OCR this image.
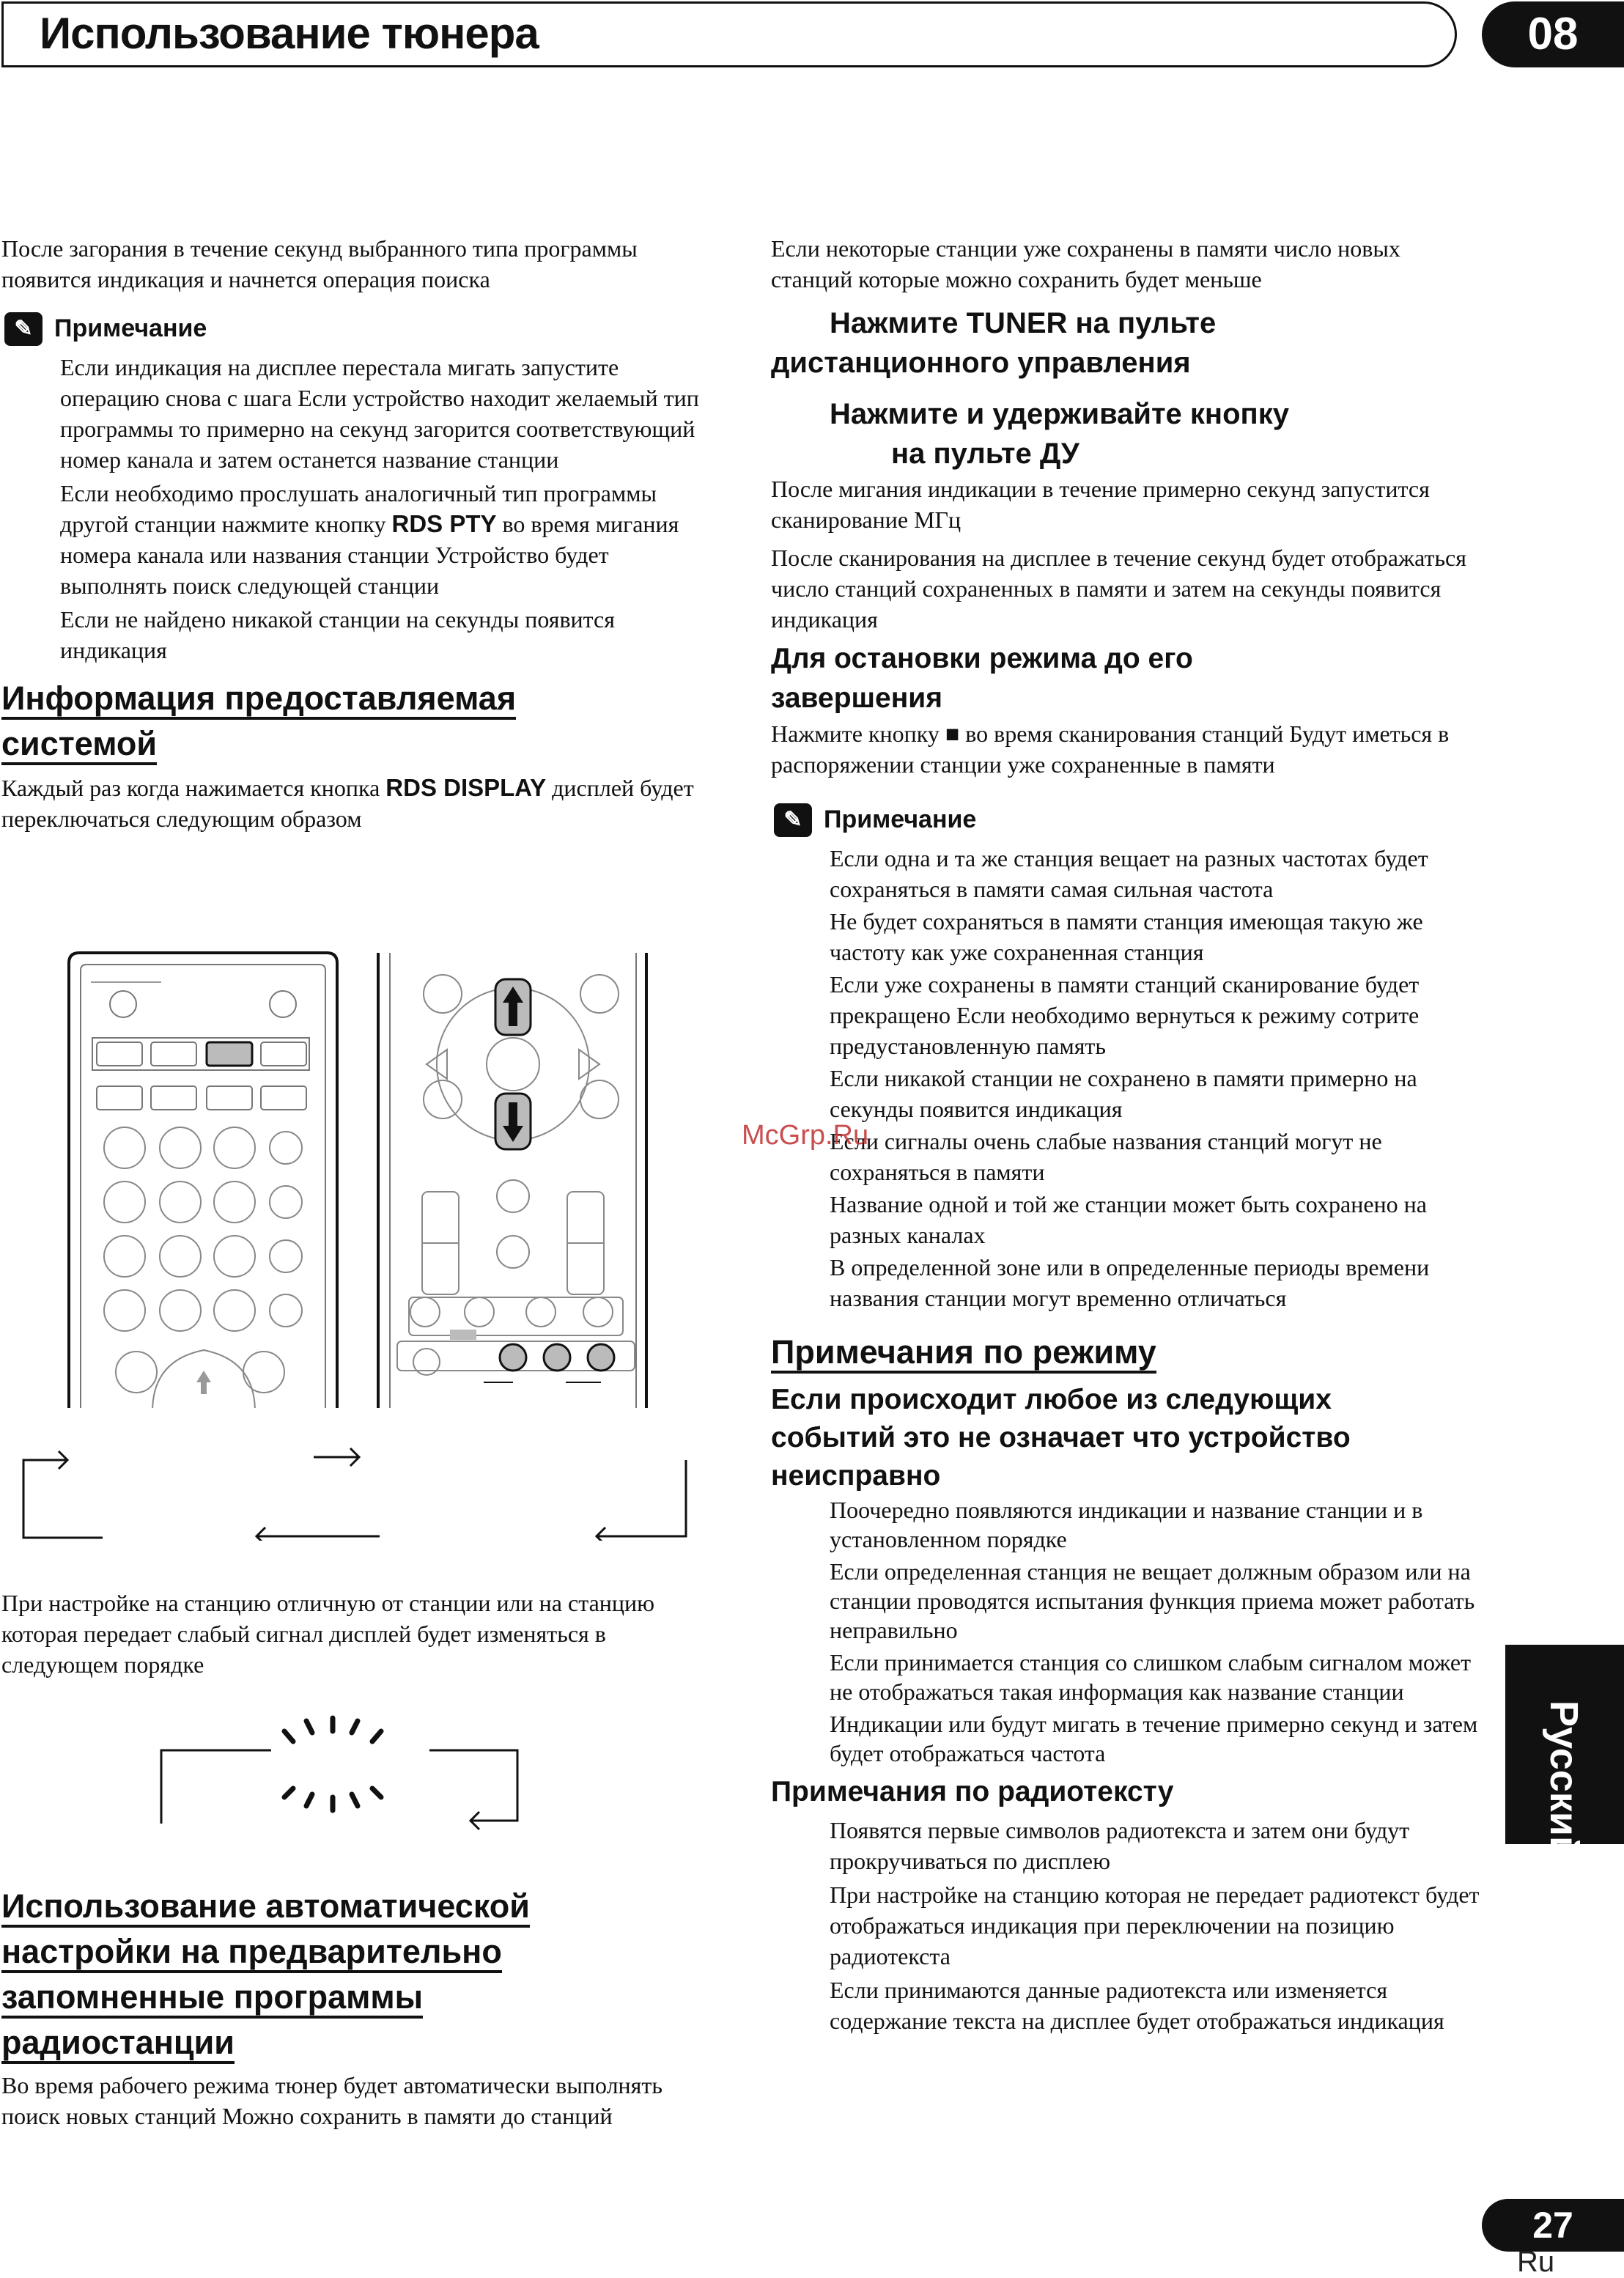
Использование тюнера	08

После загорания в течение секунд выбранного типа программы появится индикация и начнется операция поиска

✎ Примечание

Если индикация на дисплее перестала мигать запустите операцию снова с шага Если устройство находит желаемый тип программы то примерно на секунд загорится соответствующий номер канала и затем останется название станции

Если необходимо прослушать аналогичный тип программы другой станции нажмите кнопку RDS PTY во время мигания номера канала или названия станции Устройство будет выполнять поиск следующей станции

Если не найдено никакой станции на секунды появится индикация

Информация предоставляемая
системой

Каждый раз когда нажимается кнопка RDS DISPLAY дисплей будет переключаться следующим образом

При настройке на станцию отличную от станции или на станцию которая передает слабый сигнал дисплей будет изменяться в следующем порядке

Использование автоматической
настройки на предварительно
запомненные программы
радиостанции

Во время рабочего режима тюнер будет автоматически выполнять поиск новых станций Можно сохранить в памяти до станций

Если некоторые станции уже сохранены в памяти число новых станций которые можно сохранить будет меньше

Нажмите TUNER на пульте
дистанционного управления
Нажмите и удерживайте кнопку
на пульте ДУ

После мигания индикации в течение примерно секунд запустится сканирование МГц

После сканирования на дисплее в течение секунд будет отображаться число станций сохраненных в памяти и затем на секунды появится индикация

Для остановки режима до его
завершения

Нажмите кнопку ■ во время сканирования станций Будут иметься в распоряжении станции уже сохраненные в памяти

✎ Примечание

Если одна и та же станция вещает на разных частотах будет сохраняться в памяти самая сильная частота

Не будет сохраняться в памяти станция имеющая такую же частоту как уже сохраненная станция

Если уже сохранены в памяти станций сканирование будет прекращено Если необходимо вернуться к режиму сотрите предустановленную память

Если никакой станции не сохранено в памяти примерно на секунды появится индикация

Если сигналы очень слабые названия станций могут не сохраняться в памяти

Название одной и той же станции может быть сохранено на разных каналах

В определенной зоне или в определенные периоды времени названия станции могут временно отличаться

Примечания по режиму
Если происходит любое из следующих
событий это не означает что устройство
неисправно

Поочередно появляются индикации и название станции и в установленном порядке

Если определенная станция не вещает должным образом или на станции проводятся испытания функция приема может работать неправильно

Если принимается станция со слишком слабым сигналом может не отображаться такая информация как название станции

Индикации или будут мигать в течение примерно секунд и затем будет отображаться частота

Примечания по радиотексту

Появятся первые символов радиотекста и затем они будут прокручиваться по дисплею

При настройке на станцию которая не передает радиотекст будет отображаться индикация при переключении на позицию радиотекста

Если принимаются данные радиотекста или изменяется содержание текста на дисплее будет отображаться индикация

Русский
27
Ru
McGrp.Ru
